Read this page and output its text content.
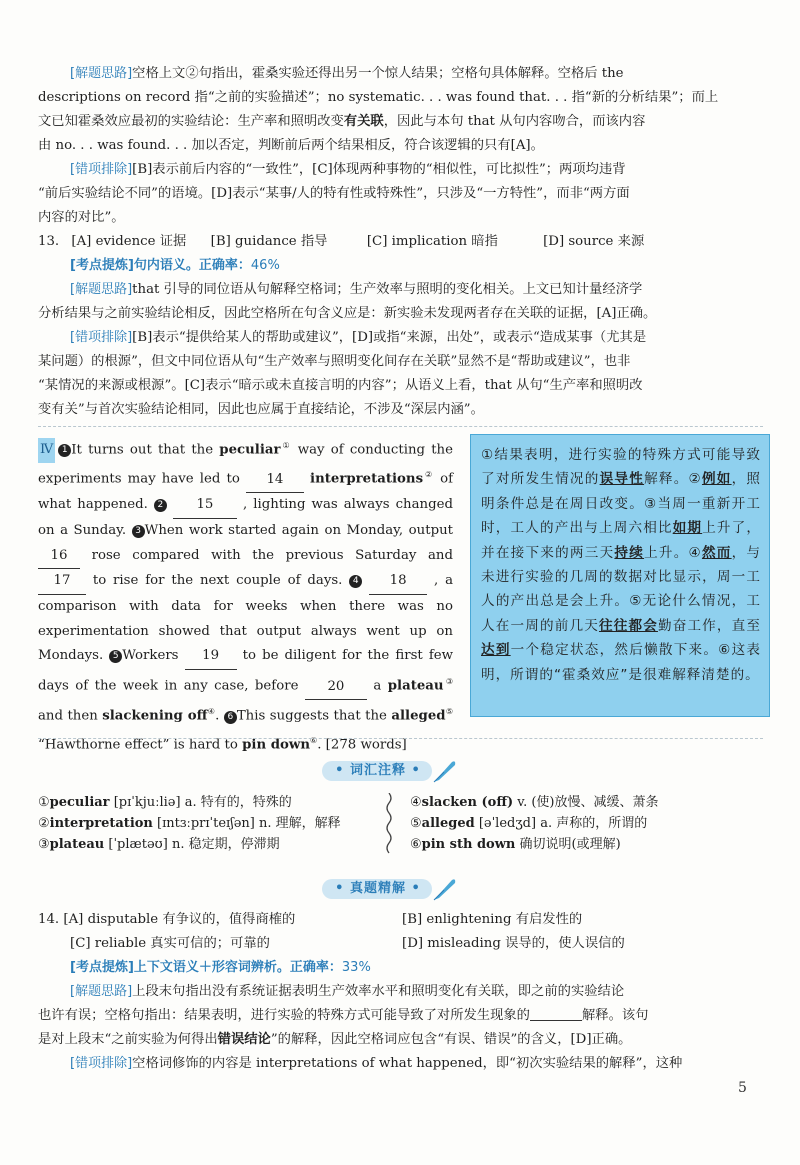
[解题思路]空格上文②句指出，霍桑实验还得出另一个惊人结果；空格句具体解释。空格后 the
descriptions on record 指“之前的实验描述”；no systematic. . . was found that. . . 指“新的分析结果”；而上
文已知霍桑效应最初的实验结论：生产率和照明改变有关联，因此与本句 that 从句内容吻合，而该内容
由 no. . . was found. . . 加以否定，判断前后两个结果相反，符合该逻辑的只有[A]。
[错项排除][B]表示前后内容的“一致性”，[C]体现两种事物的“相似性，可比拟性”；两项均违背
“前后实验结论不同”的语境。[D]表示“某事/人的特有性或特殊性”，只涉及“一方特性”，而非“两方面
内容的对比”。
13. [A] evidence 证据 [B] guidance 指导	[C] implication 暗指	[D] source 来源
[考点提炼]句内语义。正确率：46%
[解题思路]that 引导的同位语从句解释空格词；生产效率与照明的变化相关。上文已知计量经济学
分析结果与之前实验结论相反，因此空格所在句含义应是：新实验未发现两者存在关联的证据，[A]正确。
[错项排除][B]表示“提供给某人的帮助或建议”，[D]或指“来源，出处”，或表示“造成某事（尤其是
某问题）的根源”，但文中同位语从句“生产效率与照明变化间存在关联”显然不是“帮助或建议”，也非
“某情况的来源或根源”。[C]表示“暗示或未直接言明的内容”；从语义上看，that 从句“生产率和照明改
变有关”与首次实验结论相同，因此也应属于直接结论，不涉及“深层内涵”。
Ⅳ 1 It turns out that the peculiar① way of conducting the experiments may have led to 14 interpretations② of what happened. 2 15 , lighting was always changed on a Sunday. 3 When work started again on Monday, output 16 rose compared with the previous Saturday and 17 to rise for the next couple of days. 4 18 , a comparison with data for weeks when there was no experimentation showed that output always went up on Mondays. 5 Workers 19 to be diligent for the first few days of the week in any case, before 20 a plateau③ and then slackening off④. 6 This suggests that the alleged⑤ “Hawthorne effect” is hard to pin down⑥. [278 words]
①结果表明，进行实验的特殊方式可能导致了对所发生情况的误导性解释。②例如，照明条件总是在周日改变。③当周一重新开工时，工人的产出与上周六相比如期上升了，并在接下来的两三天持续上升。④然而，与未进行实验的几周的数据对比显示，周一工人的产出总是会上升。⑤无论什么情况，工人在一周的前几天往往都会勤奋工作，直至达到一个稳定状态，然后懒散下来。⑥这表明，所谓的“霍桑效应”是很难解释清楚的。
• 词汇注释 •
①peculiar [pɪˈkjuːliə] a. 特有的，特殊的
②interpretation [ɪntɜːprɪˈteɪʃən] n. 理解，解释
③plateau [ˈplætəʊ] n. 稳定期，停滞期
④slacken (off) v. (使)放慢、减缓、萧条
⑤alleged [əˈledʒd] a. 声称的，所谓的
⑥pin sth down 确切说明(或理解)
• 真题精解 •
14. [A] disputable 有争议的，值得商榷的	[B] enlightening 有启发性的
[C] reliable 真实可信的；可靠的	[D] misleading 误导的，使人误信的
[考点提炼]上下文语义＋形容词辨析。正确率：33%
[解题思路]上段末句指出没有系统证据表明生产效率水平和照明变化有关联，即之前的实验结论
也许有误；空格句指出：结果表明，进行实验的特殊方式可能导致了对所发生现象的	解释。该句
是对上段末“之前实验为何得出错误结论”的解释，因此空格词应包含“有误、错误”的含义，[D]正确。
[错项排除]空格词修饰的内容是 interpretations of what happened，即“初次实验结果的解释”，这种
5
